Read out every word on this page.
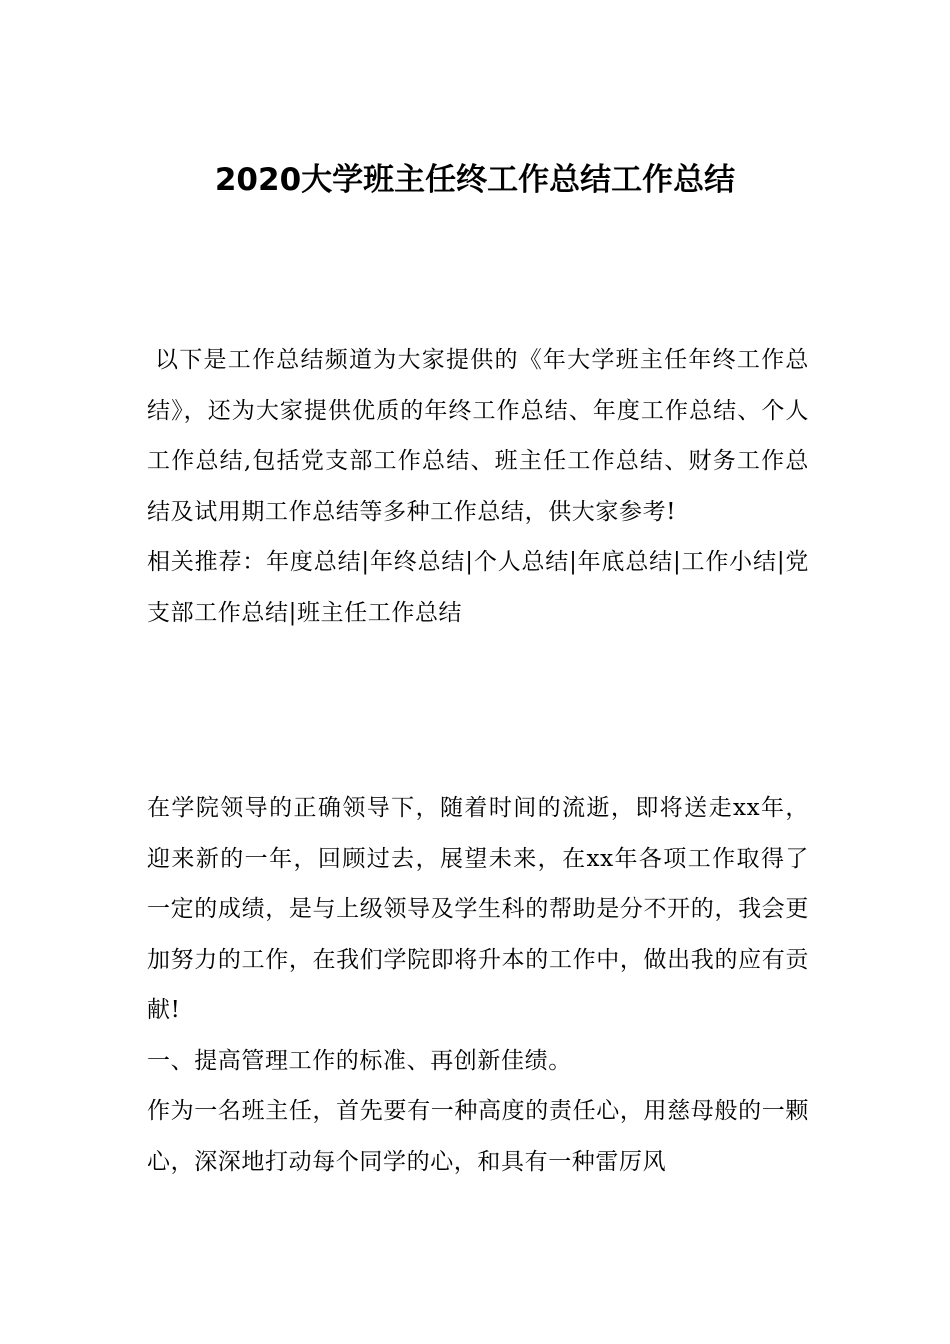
2020大学班主任终工作总结工作总结

以下是工作总结频道为大家提供的《年大学班主任年终工作总结》，还为大家提供优质的年终工作总结、年度工作总结、个人工作总结,包括党支部工作总结、班主任工作总结、财务工作总结及试用期工作总结等多种工作总结，供大家参考!

相关推荐：年度总结|年终总结|个人总结|年底总结|工作小结|党支部工作总结|班主任工作总结

在学院领导的正确领导下，随着时间的流逝，即将送走xx年，迎来新的一年，回顾过去，展望未来，在xx年各项工作取得了一定的成绩，是与上级领导及学生科的帮助是分不开的，我会更加努力的工作，在我们学院即将升本的工作中，做出我的应有贡献!

一、提高管理工作的标准、再创新佳绩。

作为一名班主任，首先要有一种高度的责任心，用慈母般的一颗心，深深地打动每个同学的心，和具有一种雷厉风
